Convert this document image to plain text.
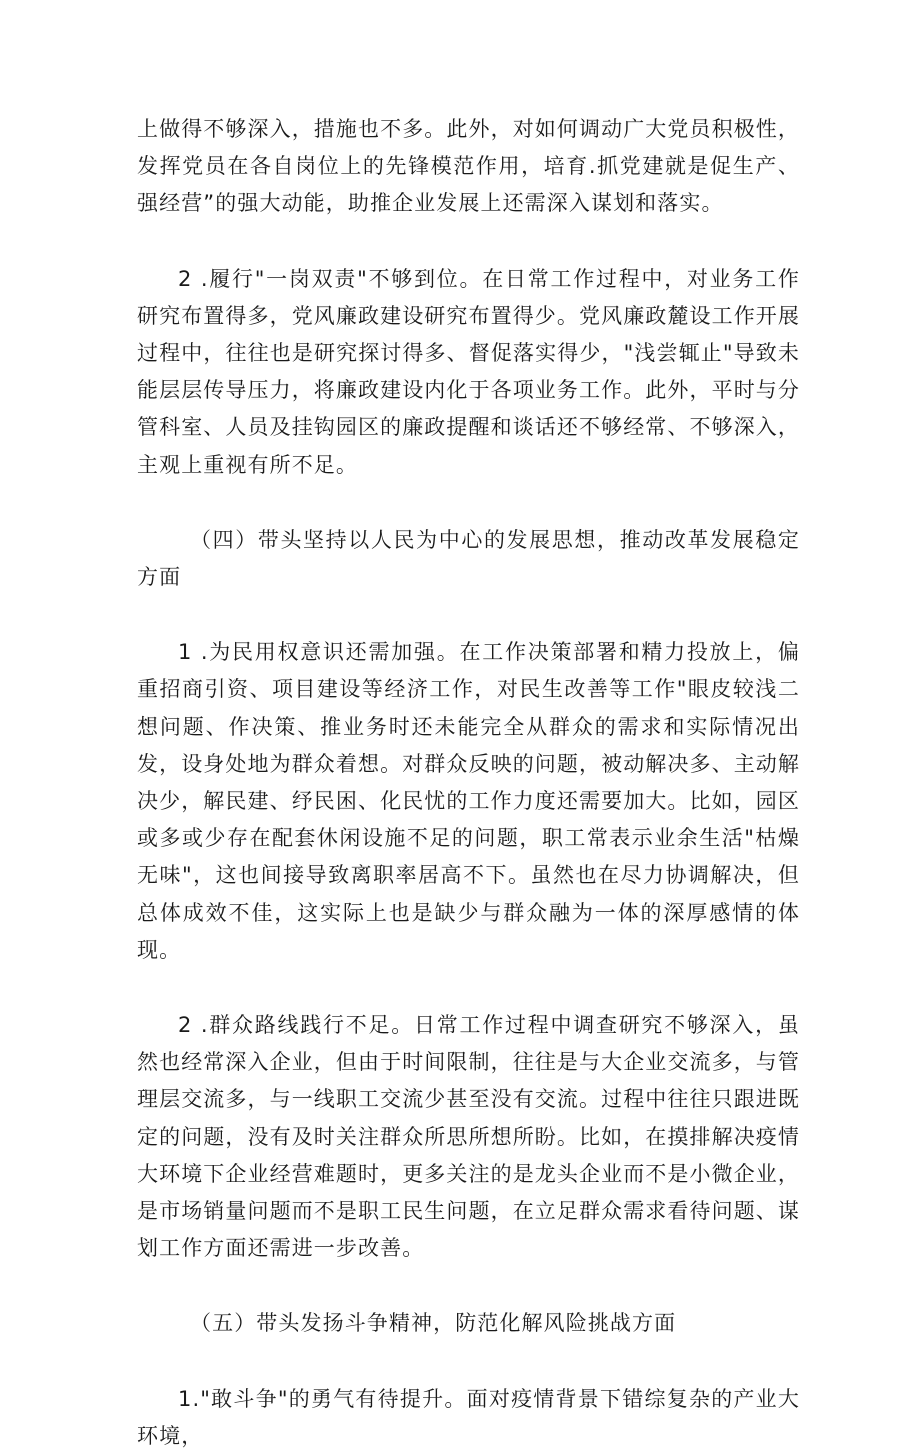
上做得不够深入，措施也不多。此外，对如何调动广大党员积极性，发挥党员在各自岗位上的先锋模范作用，培育.抓党建就是促生产、强经营”的强大动能，助推企业发展上还需深入谋划和落实。

2 .履行"一岗双责"不够到位。在日常工作过程中，对业务工作研究布置得多，党风廉政建设研究布置得少。党风廉政麓设工作开展过程中，往往也是研究探讨得多、督促落实得少，"浅尝辄止"导致未能层层传导压力，将廉政建设内化于各项业务工作。此外，平时与分管科室、人员及挂钩园区的廉政提醒和谈话还不够经常、不够深入，主观上重视有所不足。

（四）带头坚持以人民为中心的发展思想，推动改革发展稳定方面

1 .为民用权意识还需加强。在工作决策部署和精力投放上，偏重招商引资、项目建设等经济工作，对民生改善等工作"眼皮较浅二想问题、作决策、推业务时还未能完全从群众的需求和实际情况出发，设身处地为群众着想。对群众反映的问题，被动解决多、主动解决少，解民建、纾民困、化民忧的工作力度还需要加大。比如，园区或多或少存在配套休闲设施不足的问题，职工常表示业余生活"枯燥无味"，这也间接导致离职率居高不下。虽然也在尽力协调解决，但总体成效不佳，这实际上也是缺少与群众融为一体的深厚感情的体现。

2 .群众路线践行不足。日常工作过程中调查研究不够深入，虽然也经常深入企业，但由于时间限制，往往是与大企业交流多，与管理层交流多，与一线职工交流少甚至没有交流。过程中往往只跟进既定的问题，没有及时关注群众所思所想所盼。比如，在摸排解决疫情大环境下企业经营难题时，更多关注的是龙头企业而不是小微企业，是市场销量问题而不是职工民生问题，在立足群众需求看待问题、谋划工作方面还需进一步改善。

（五）带头发扬斗争精神，防范化解风险挑战方面

1."敢斗争"的勇气有待提升。面对疫情背景下错综复杂的产业大环境，
